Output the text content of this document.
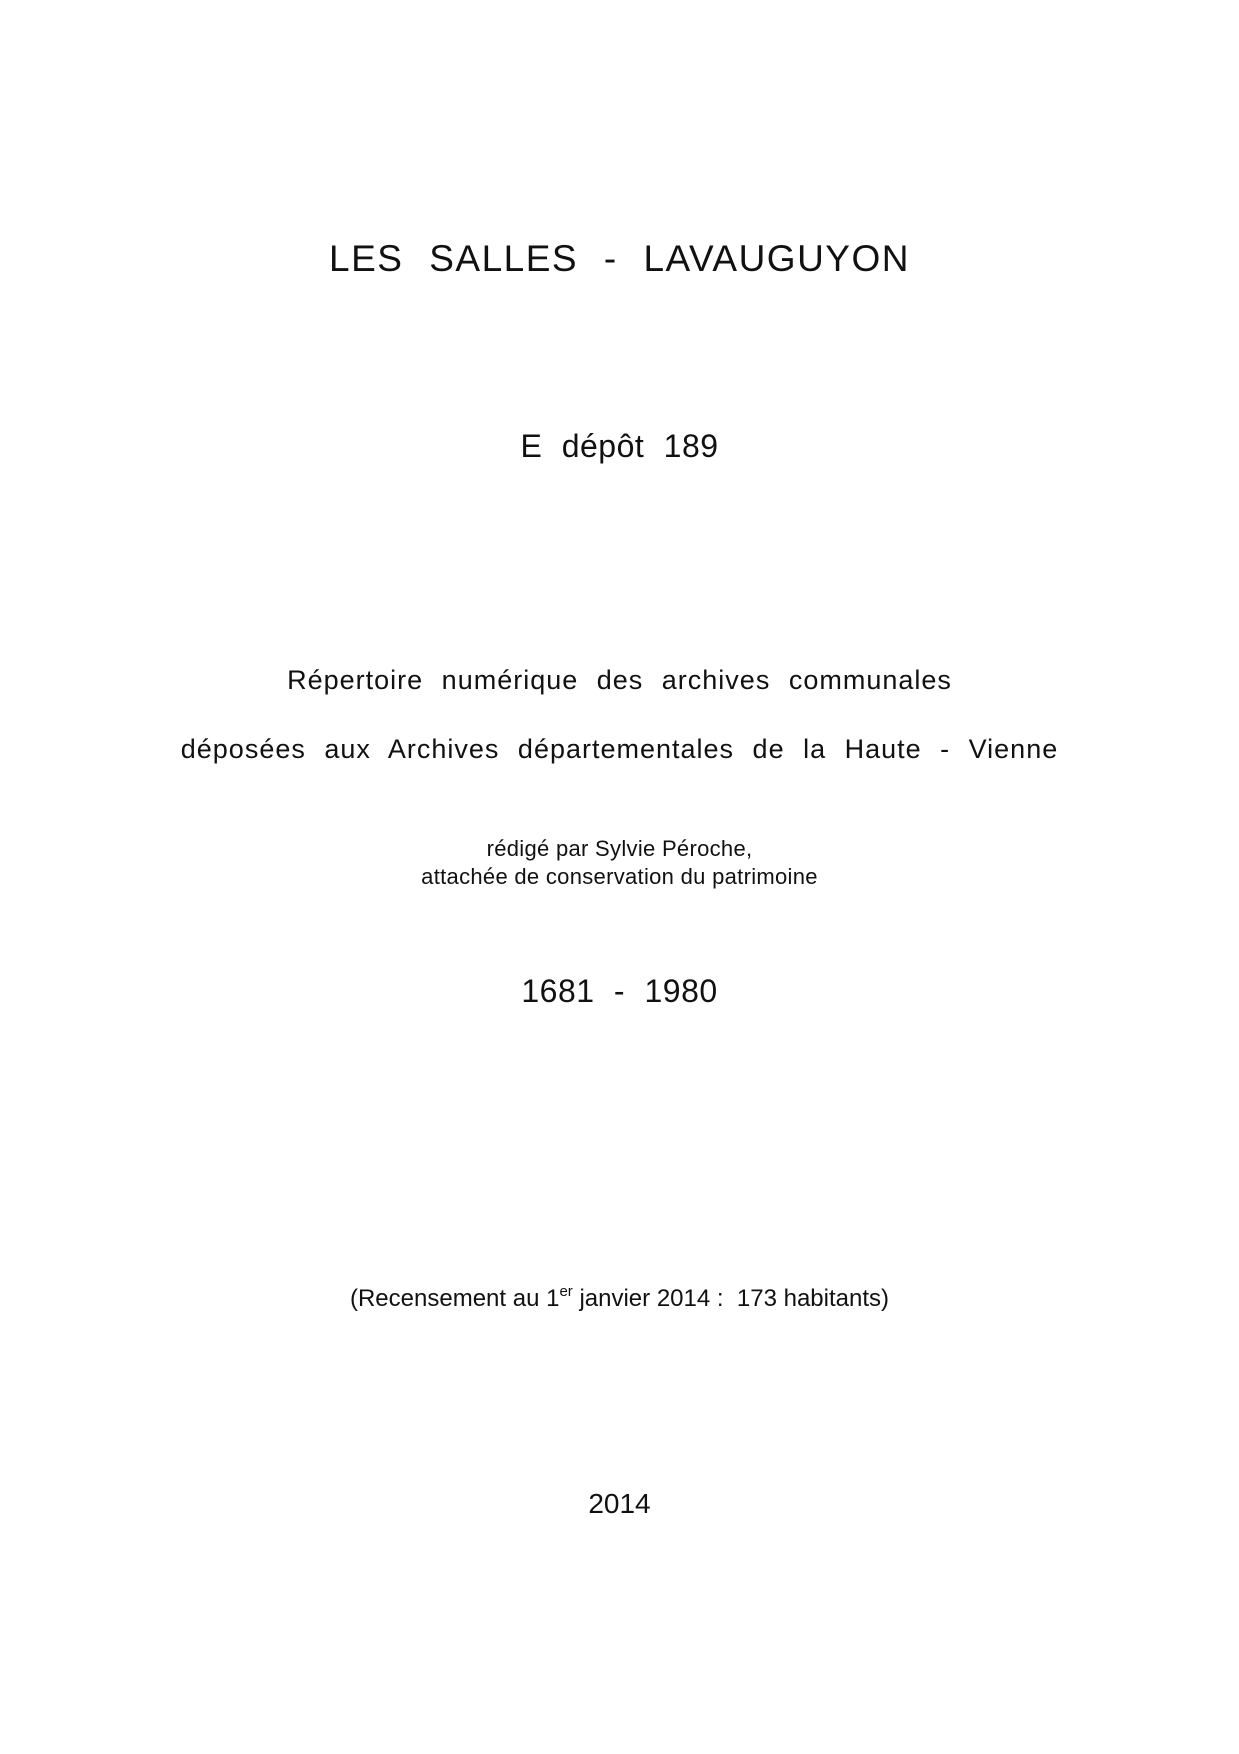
LES SALLES - LAVAUGUYON
E dépôt 189
Répertoire numérique des archives communales
déposées aux Archives départementales de la Haute - Vienne
rédigé par Sylvie Péroche,
attachée de conservation du patrimoine
1681 - 1980
(Recensement au 1er janvier 2014 :  173 habitants)
2014
